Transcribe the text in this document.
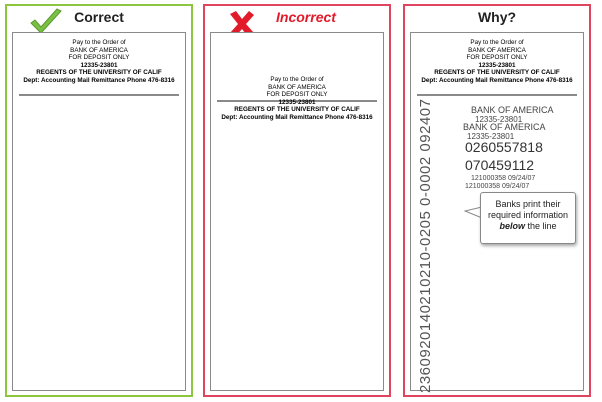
Correct
Pay to the Order of
BANK OF AMERICA
FOR DEPOSIT ONLY
12335-23801
REGENTS OF THE UNIVERSITY OF CALIF
Dept: Accounting Mail Remittance Phone 476-8316
Incorrect
Pay to the Order of
BANK OF AMERICA
FOR DEPOSIT ONLY
12335-23801
REGENTS OF THE UNIVERSITY OF CALIF
Dept: Accounting Mail Remittance Phone 476-8316
Why?
Pay to the Order of
BANK OF AMERICA
FOR DEPOSIT ONLY
12335-23801
REGENTS OF THE UNIVERSITY OF CALIF
Dept: Accounting Mail Remittance Phone 476-8316
BANK OF AMERICA
12335-23801
BANK OF AMERICA
12335-23801
0260557818
070459112
121000358 09/24/07
121000358 09/24/07
2360920140210210-0205 0-0002 092407	Banks print their required information below the line
